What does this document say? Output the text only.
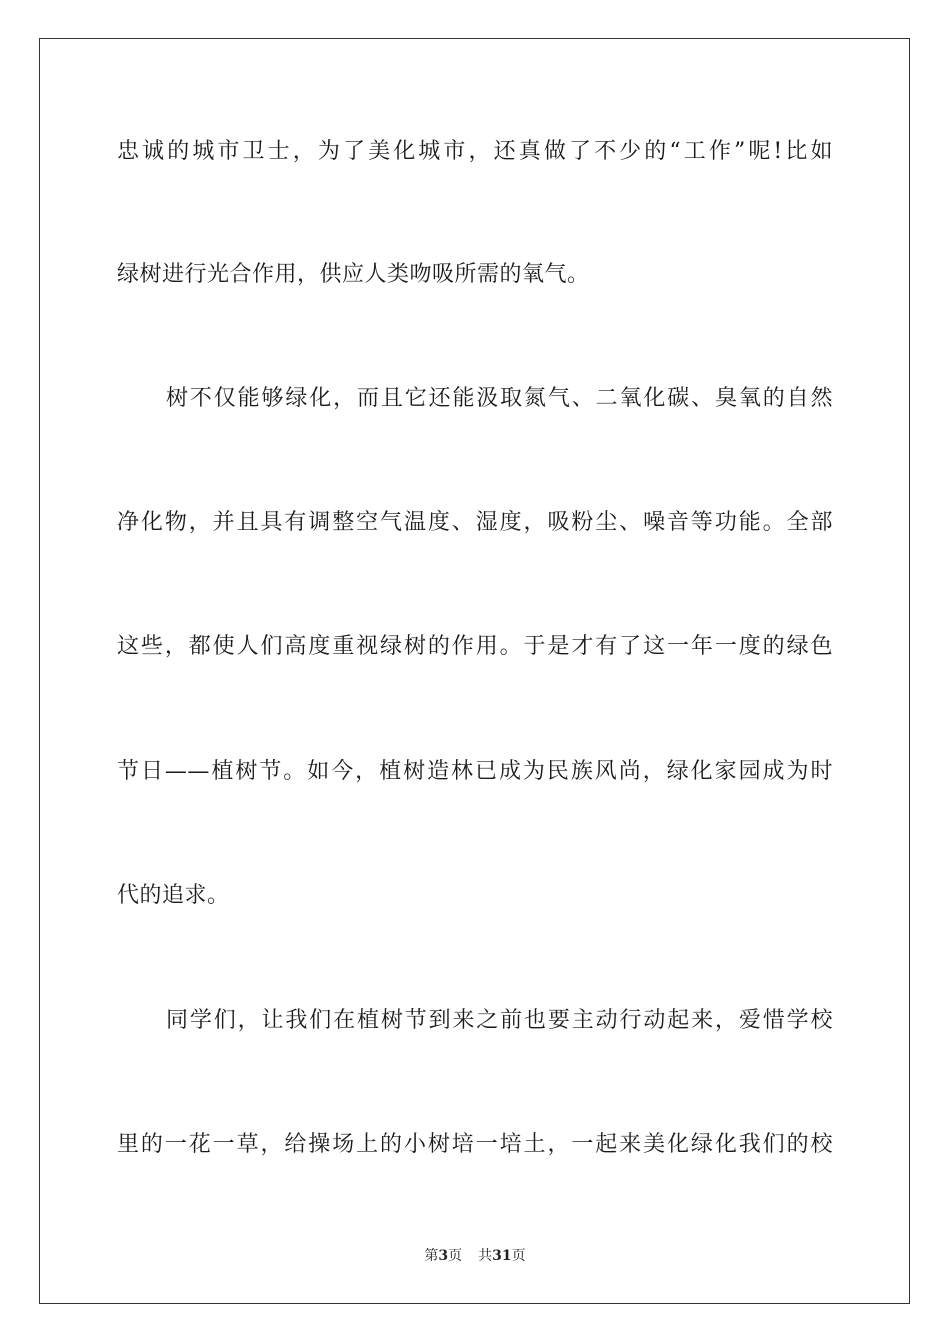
忠诚的城市卫士，为了美化城市，还真做了不少的“工作”呢!比如
绿树进行光合作用，供应人类吻吸所需的氧气。
树不仅能够绿化，而且它还能汲取氮气、二氧化碳、臭氧的自然
净化物，并且具有调整空气温度、湿度，吸粉尘、噪音等功能。全部
这些，都使人们高度重视绿树的作用。于是才有了这一年一度的绿色
节日——植树节。如今，植树造林已成为民族风尚，绿化家园成为时
代的追求。
同学们，让我们在植树节到来之前也要主动行动起来，爱惜学校
里的一花一草，给操场上的小树培一培土，一起来美化绿化我们的校
第3页 共31页
